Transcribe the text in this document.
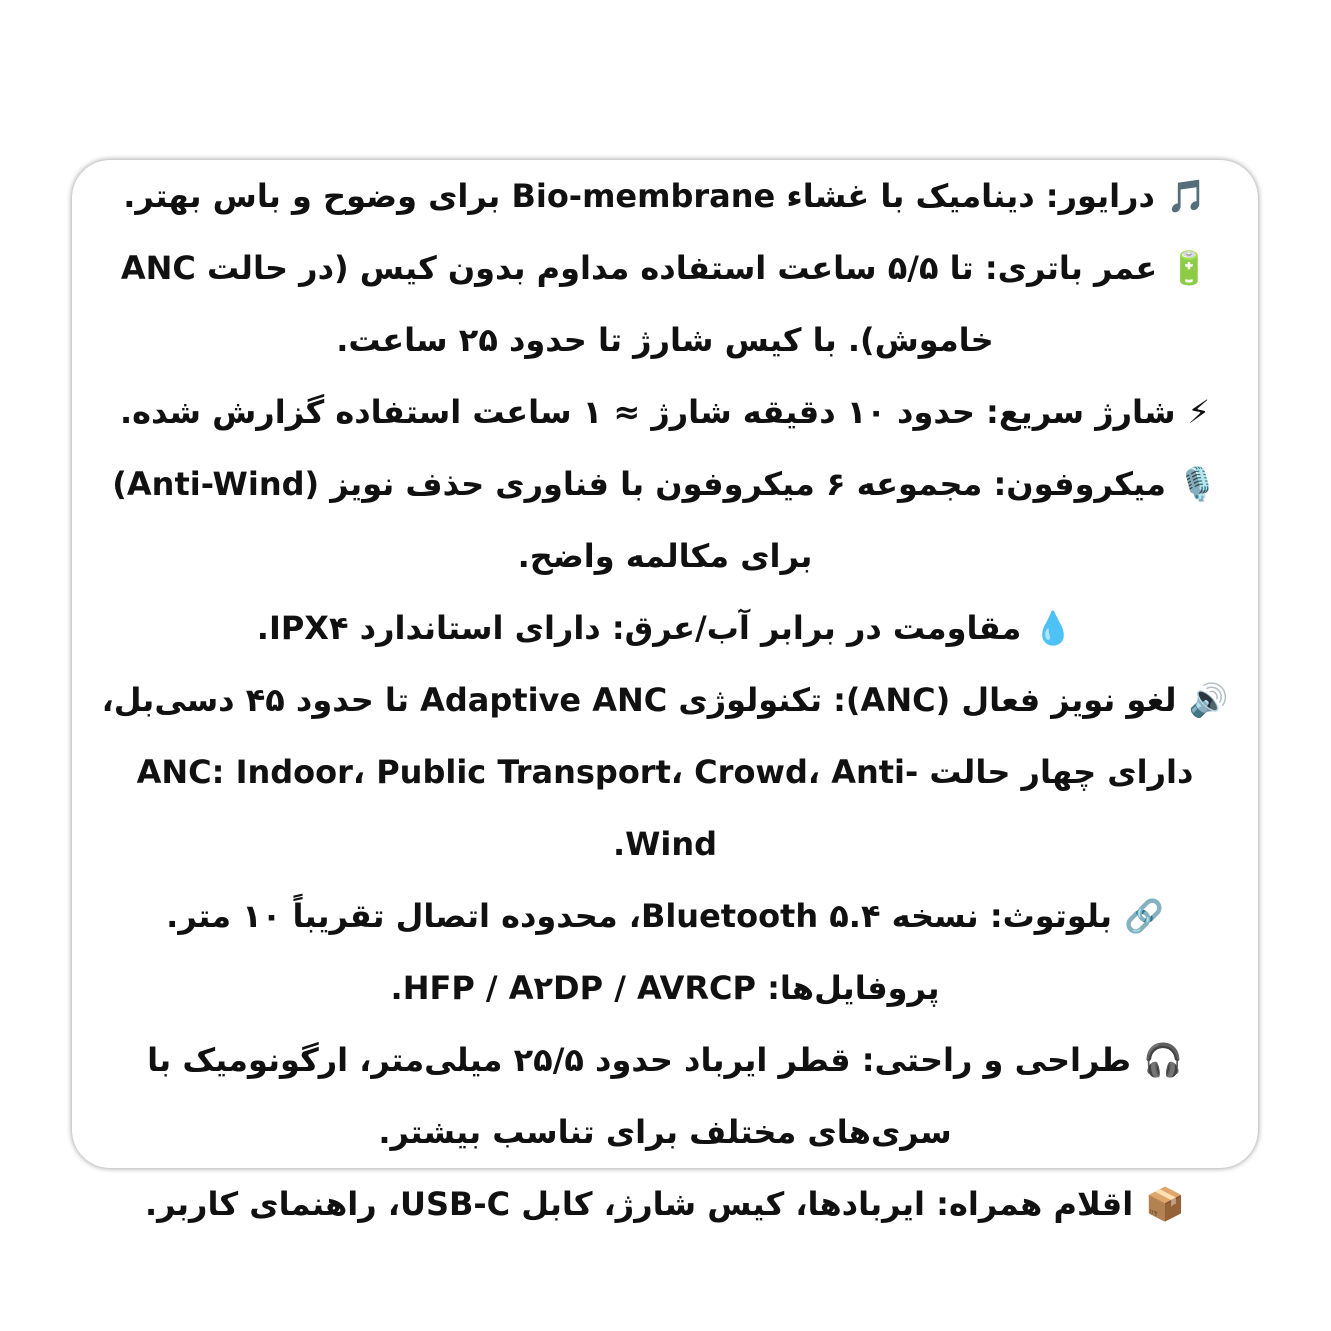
🎵درایور: دینامیک با غشاء Bio-membrane برای وضوح و باس بهتر.

🔋عمر باتری: تا ۵/۵ ساعت استفاده مداوم بدون کیس (در حالت ANC خاموش). با کیس شارژ تا حدود ۲۵ ساعت.

⚡شارژ سریع: حدود ۱۰ دقیقه شارژ ≈ ۱ ساعت استفاده گزارش شده.

🎙️میکروفون: مجموعه ۶ میکروفون با فناوری حذف نویز (Anti-Wind) برای مکالمه واضح.

💧مقاومت در برابر آب/عرق: دارای استاندارد IPX۴.

🔊لغو نویز فعال (ANC): تکنولوژی Adaptive ANC تا حدود ۴۵ دسی‌بل، دارای چهار حالت ANC: Indoor، Public Transport، Crowd، Anti-Wind.

🔗بلوتوث: نسخه Bluetooth ۵.۴، محدوده اتصال تقریباً ۱۰ متر. پروفایل‌ها: HFP / A۲DP / AVRCP.

🎧طراحی و راحتی: قطر ایرباد حدود ۲۵/۵ میلی‌متر، ارگونومیک با سری‌های مختلف برای تناسب بیشتر.

📦اقلام همراه: ایربادها، کیس شارژ، کابل USB-C، راهنمای کاربر.
